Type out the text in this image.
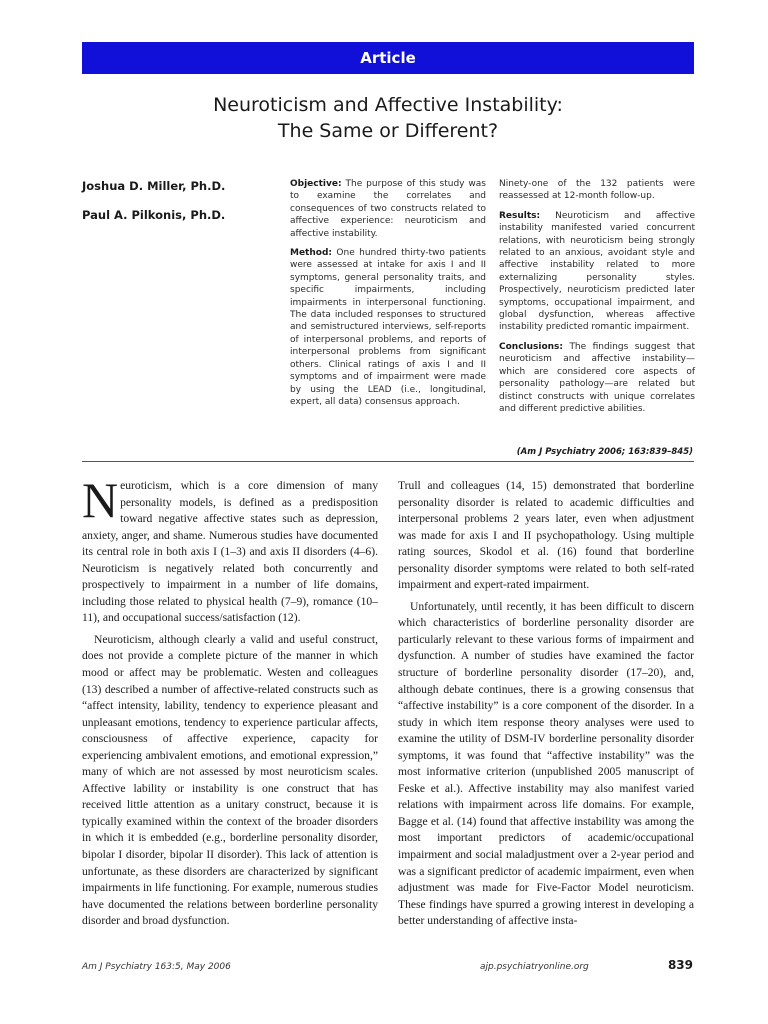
Article
Neuroticism and Affective Instability:
The Same or Different?
Joshua D. Miller, Ph.D.
Paul A. Pilkonis, Ph.D.

Objective: The purpose of this study was to examine the correlates and consequences of two constructs related to affective experience: neuroticism and affective instability.

Method: One hundred thirty-two patients were assessed at intake for axis I and II symptoms, general personality traits, and specific impairments, including impairments in interpersonal functioning. The data included responses to structured and semistructured interviews, self-reports of interpersonal problems, and reports of interpersonal problems from significant others. Clinical ratings of axis I and II symptoms and of impairment were made by using the LEAD (i.e., longitudinal, expert, all data) consensus approach.

Ninety-one of the 132 patients were reassessed at 12-month follow-up.

Results: Neuroticism and affective instability manifested varied concurrent relations, with neuroticism being strongly related to an anxious, avoidant style and affective instability related to more externalizing personality styles. Prospectively, neuroticism predicted later symptoms, occupational impairment, and global dysfunction, whereas affective instability predicted romantic impairment.

Conclusions: The findings suggest that neuroticism and affective instability—which are considered core aspects of personality pathology—are related but distinct constructs with unique correlates and different predictive abilities.

(Am J Psychiatry 2006; 163:839–845)

Neuroticism, which is a core dimension of many personality models, is defined as a predisposition toward negative affective states such as depression, anxiety, anger, and shame. Numerous studies have documented its central role in both axis I (1–3) and axis II disorders (4–6). Neuroticism is negatively related both concurrently and prospectively to impairment in a number of life domains, including those related to physical health (7–9), romance (10–11), and occupational success/satisfaction (12).

Neuroticism, although clearly a valid and useful construct, does not provide a complete picture of the manner in which mood or affect may be problematic. Westen and colleagues (13) described a number of affective-related constructs such as “affect intensity, lability, tendency to experience pleasant and unpleasant emotions, tendency to experience particular affects, consciousness of affective experience, capacity for experiencing ambivalent emotions, and emotional expression,” many of which are not assessed by most neuroticism scales. Affective lability or instability is one construct that has received little attention as a unitary construct, because it is typically examined within the context of the broader disorders in which it is embedded (e.g., borderline personality disorder, bipolar I disorder, bipolar II disorder). This lack of attention is unfortunate, as these disorders are characterized by significant impairments in life functioning. For example, numerous studies have documented the relations between borderline personality disorder and broad dysfunction.

Trull and colleagues (14, 15) demonstrated that borderline personality disorder is related to academic difficulties and interpersonal problems 2 years later, even when adjustment was made for axis I and II psychopathology. Using multiple rating sources, Skodol et al. (16) found that borderline personality disorder symptoms were related to both self-rated impairment and expert-rated impairment.

Unfortunately, until recently, it has been difficult to discern which characteristics of borderline personality disorder are particularly relevant to these various forms of impairment and dysfunction. A number of studies have examined the factor structure of borderline personality disorder (17–20), and, although debate continues, there is a growing consensus that “affective instability” is a core component of the disorder. In a study in which item response theory analyses were used to examine the utility of DSM-IV borderline personality disorder symptoms, it was found that “affective instability” was the most informative criterion (unpublished 2005 manuscript of Feske et al.). Affective instability may also manifest varied relations with impairment across life domains. For example, Bagge et al. (14) found that affective instability was among the most important predictors of academic/occupational impairment and social maladjustment over a 2-year period and was a significant predictor of academic impairment, even when adjustment was made for Five-Factor Model neuroticism. These findings have spurred a growing interest in developing a better understanding of affective insta-

Am J Psychiatry 163:5, May 2006	ajp.psychiatryonline.org	839
